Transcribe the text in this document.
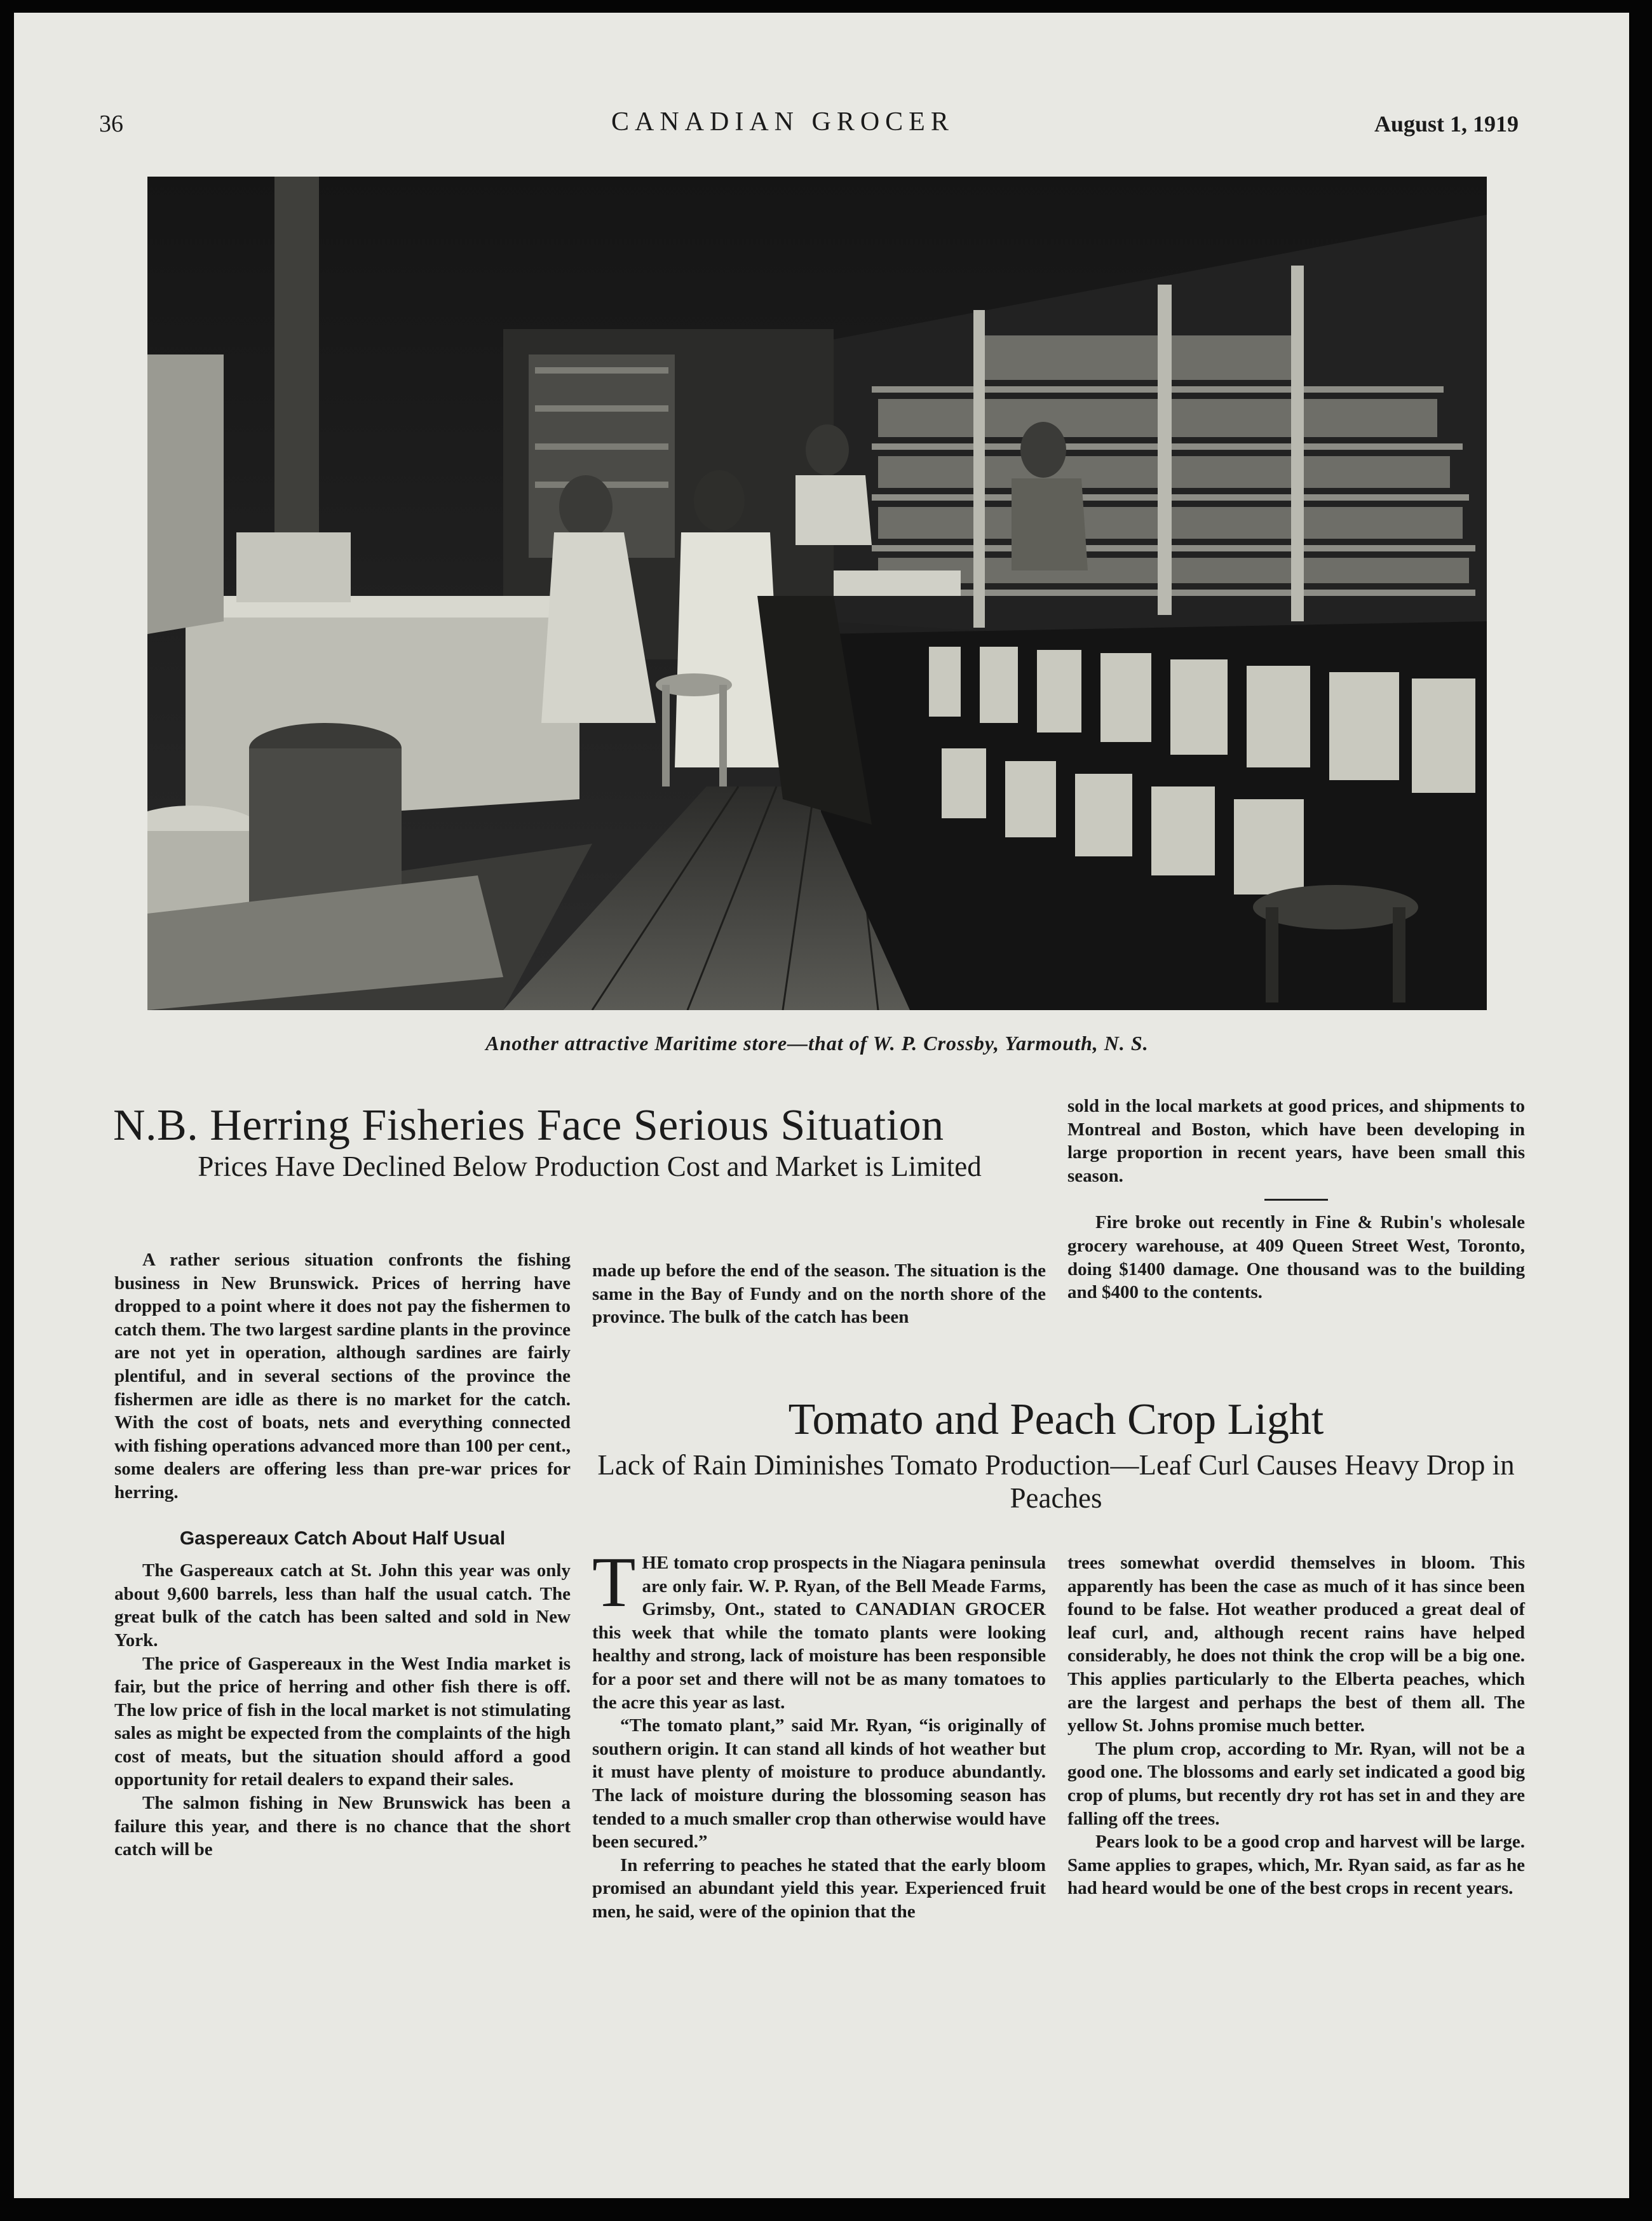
36	CANADIAN GROCER	August 1, 1919
Another attractive Maritime store—that of W. P. Crossby, Yarmouth, N. S.
N.B. Herring Fisheries Face Serious Situation
Prices Have Declined Below Production Cost and Market is Limited

A rather serious situation confronts the fishing business in New Brunswick. Prices of herring have dropped to a point where it does not pay the fishermen to catch them. The two largest sardine plants in the province are not yet in operation, although sardines are fairly plentiful, and in several sections of the province the fishermen are idle as there is no market for the catch. With the cost of boats, nets and everything connected with fishing operations advanced more than 100 per cent., some dealers are offering less than pre-war prices for herring.

Gaspereaux Catch About Half Usual

The Gaspereaux catch at St. John this year was only about 9,600 barrels, less than half the usual catch. The great bulk of the catch has been salted and sold in New York.

The price of Gaspereaux in the West India market is fair, but the price of herring and other fish there is off. The low price of fish in the local market is not stimulating sales as might be expected from the complaints of the high cost of meats, but the situation should afford a good opportunity for retail dealers to expand their sales.

The salmon fishing in New Brunswick has been a failure this year, and there is no chance that the short catch will be

made up before the end of the season. The situation is the same in the Bay of Fundy and on the north shore of the province. The bulk of the catch has been

sold in the local markets at good prices, and shipments to Montreal and Boston, which have been developing in large proportion in recent years, have been small this season.

Fire broke out recently in Fine & Rubin's wholesale grocery warehouse, at 409 Queen Street West, Toronto, doing $1400 damage. One thousand was to the building and $400 to the contents.

Tomato and Peach Crop Light
Lack of Rain Diminishes Tomato Production—Leaf Curl Causes Heavy Drop in Peaches

THE tomato crop prospects in the Niagara peninsula are only fair. W. P. Ryan, of the Bell Meade Farms, Grimsby, Ont., stated to CANADIAN GROCER this week that while the tomato plants were looking healthy and strong, lack of moisture has been responsible for a poor set and there will not be as many tomatoes to the acre this year as last.

“The tomato plant,” said Mr. Ryan, “is originally of southern origin. It can stand all kinds of hot weather but it must have plenty of moisture to produce abundantly. The lack of moisture during the blossoming season has tended to a much smaller crop than otherwise would have been secured.”

In referring to peaches he stated that the early bloom promised an abundant yield this year. Experienced fruit men, he said, were of the opinion that the

trees somewhat overdid themselves in bloom. This apparently has been the case as much of it has since been found to be false. Hot weather produced a great deal of leaf curl, and, although recent rains have helped considerably, he does not think the crop will be a big one. This applies particularly to the Elberta peaches, which are the largest and perhaps the best of them all. The yellow St. Johns promise much better.

The plum crop, according to Mr. Ryan, will not be a good one. The blossoms and early set indicated a good big crop of plums, but recently dry rot has set in and they are falling off the trees.

Pears look to be a good crop and harvest will be large. Same applies to grapes, which, Mr. Ryan said, as far as he had heard would be one of the best crops in recent years.
